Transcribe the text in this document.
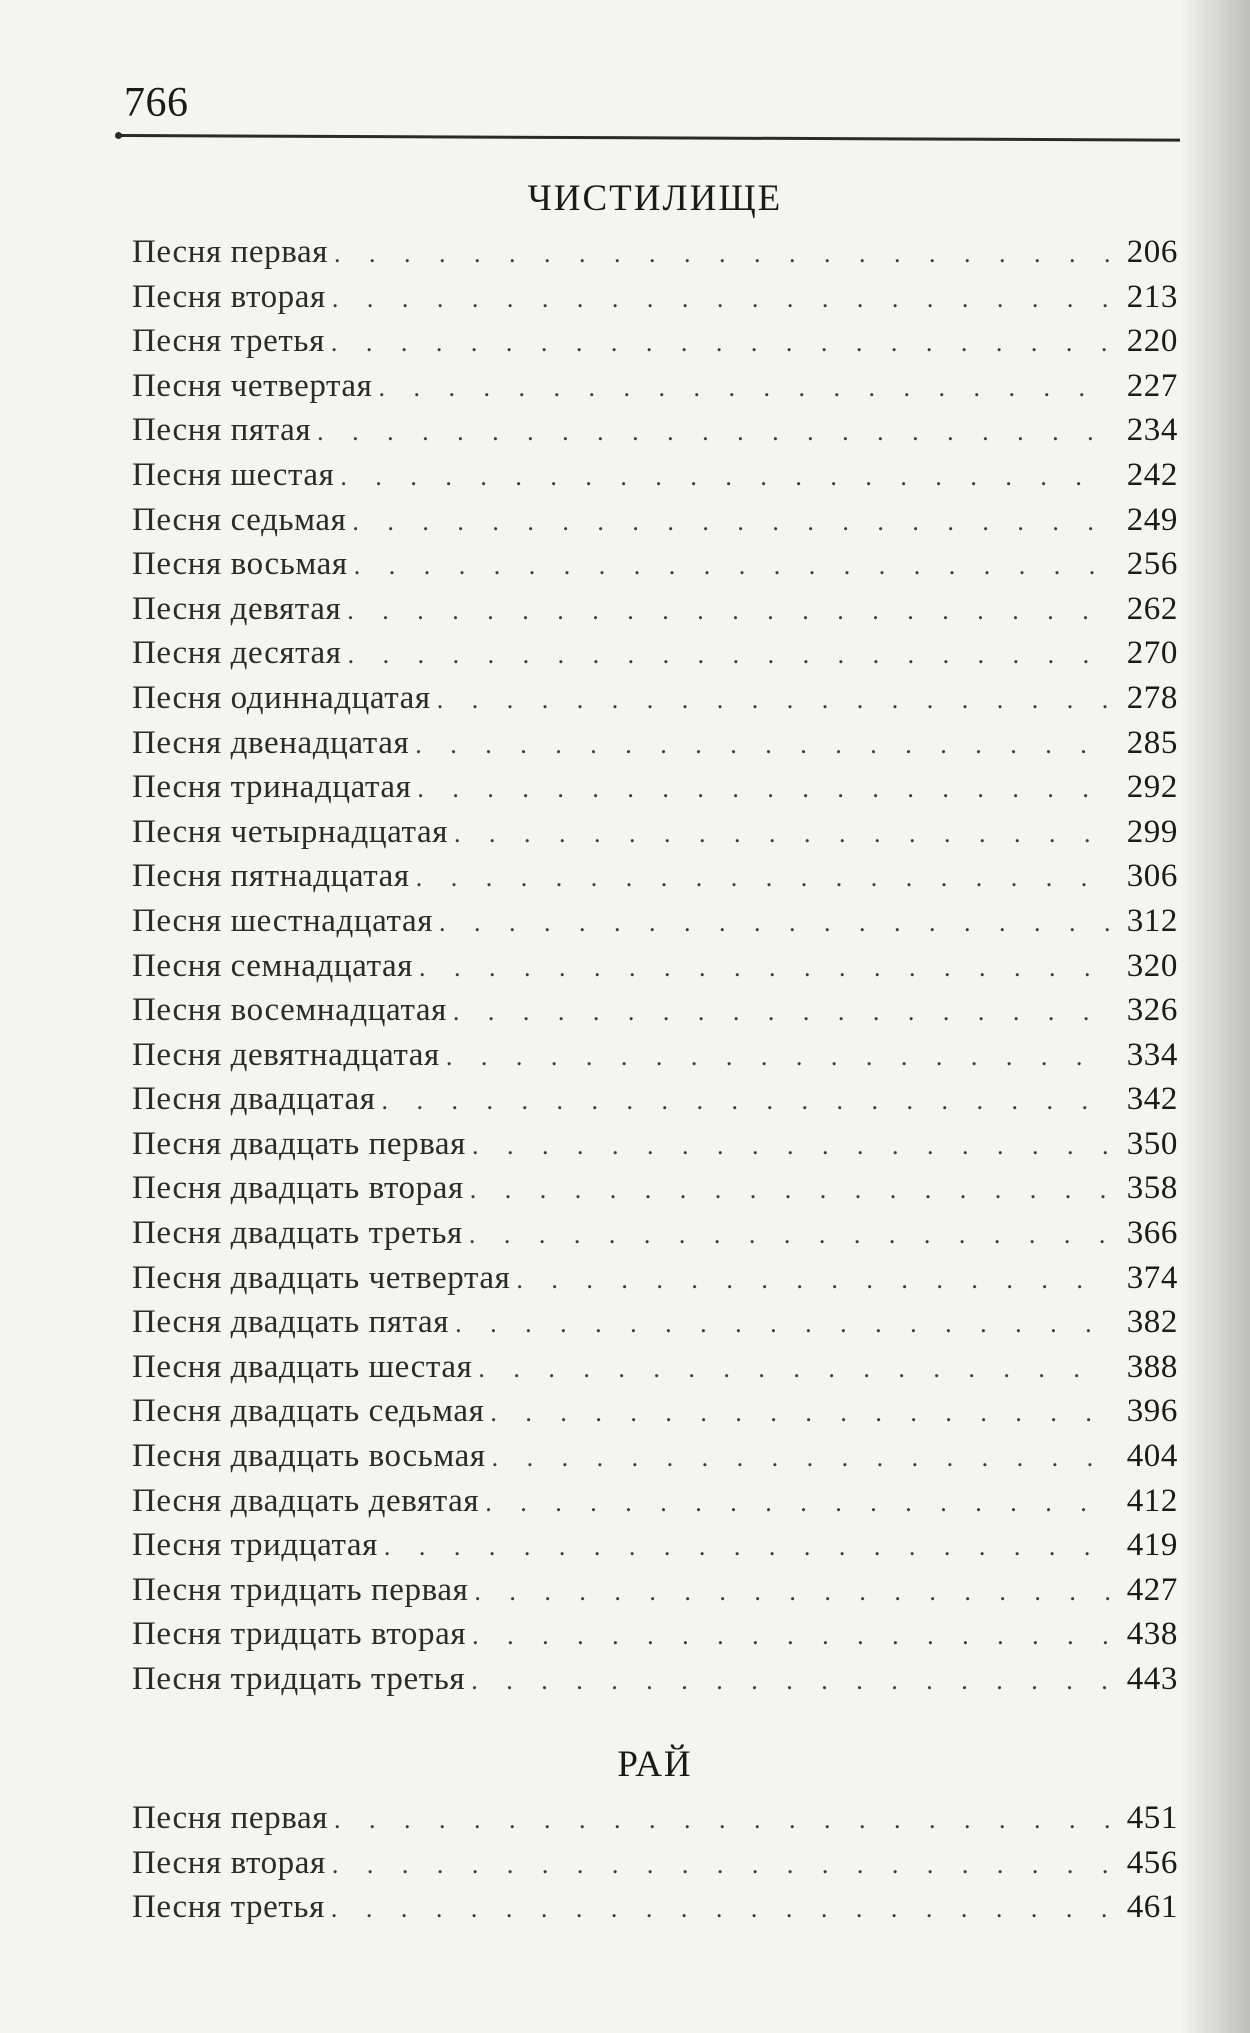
766
ЧИСТИЛИЩЕ
Песня первая . . .	206
Песня вторая . . .	213
Песня третья . . .	220
Песня четвертая . . .	227
Песня пятая . . .	234
Песня шестая . . .	242
Песня седьмая . . .	249
Песня восьмая . . .	256
Песня девятая . . .	262
Песня десятая . . .	270
Песня одиннадцатая . . .	278
Песня двенадцатая . . .	285
Песня тринадцатая . . .	292
Песня четырнадцатая . . .	299
Песня пятнадцатая . . .	306
Песня шестнадцатая . . .	312
Песня семнадцатая . . .	320
Песня восемнадцатая . . .	326
Песня девятнадцатая . . .	334
Песня двадцатая . . .	342
Песня двадцать первая . . .	350
Песня двадцать вторая . . .	358
Песня двадцать третья . . .	366
Песня двадцать четвертая . . .	374
Песня двадцать пятая . . .	382
Песня двадцать шестая . . .	388
Песня двадцать седьмая . . .	396
Песня двадцать восьмая . . .	404
Песня двадцать девятая . . .	412
Песня тридцатая . . .	419
Песня тридцать первая . . .	427
Песня тридцать вторая . . .	438
Песня тридцать третья . . .	443
РАЙ
Песня первая . . .	451
Песня вторая . . .	456
Песня третья . . .	461
